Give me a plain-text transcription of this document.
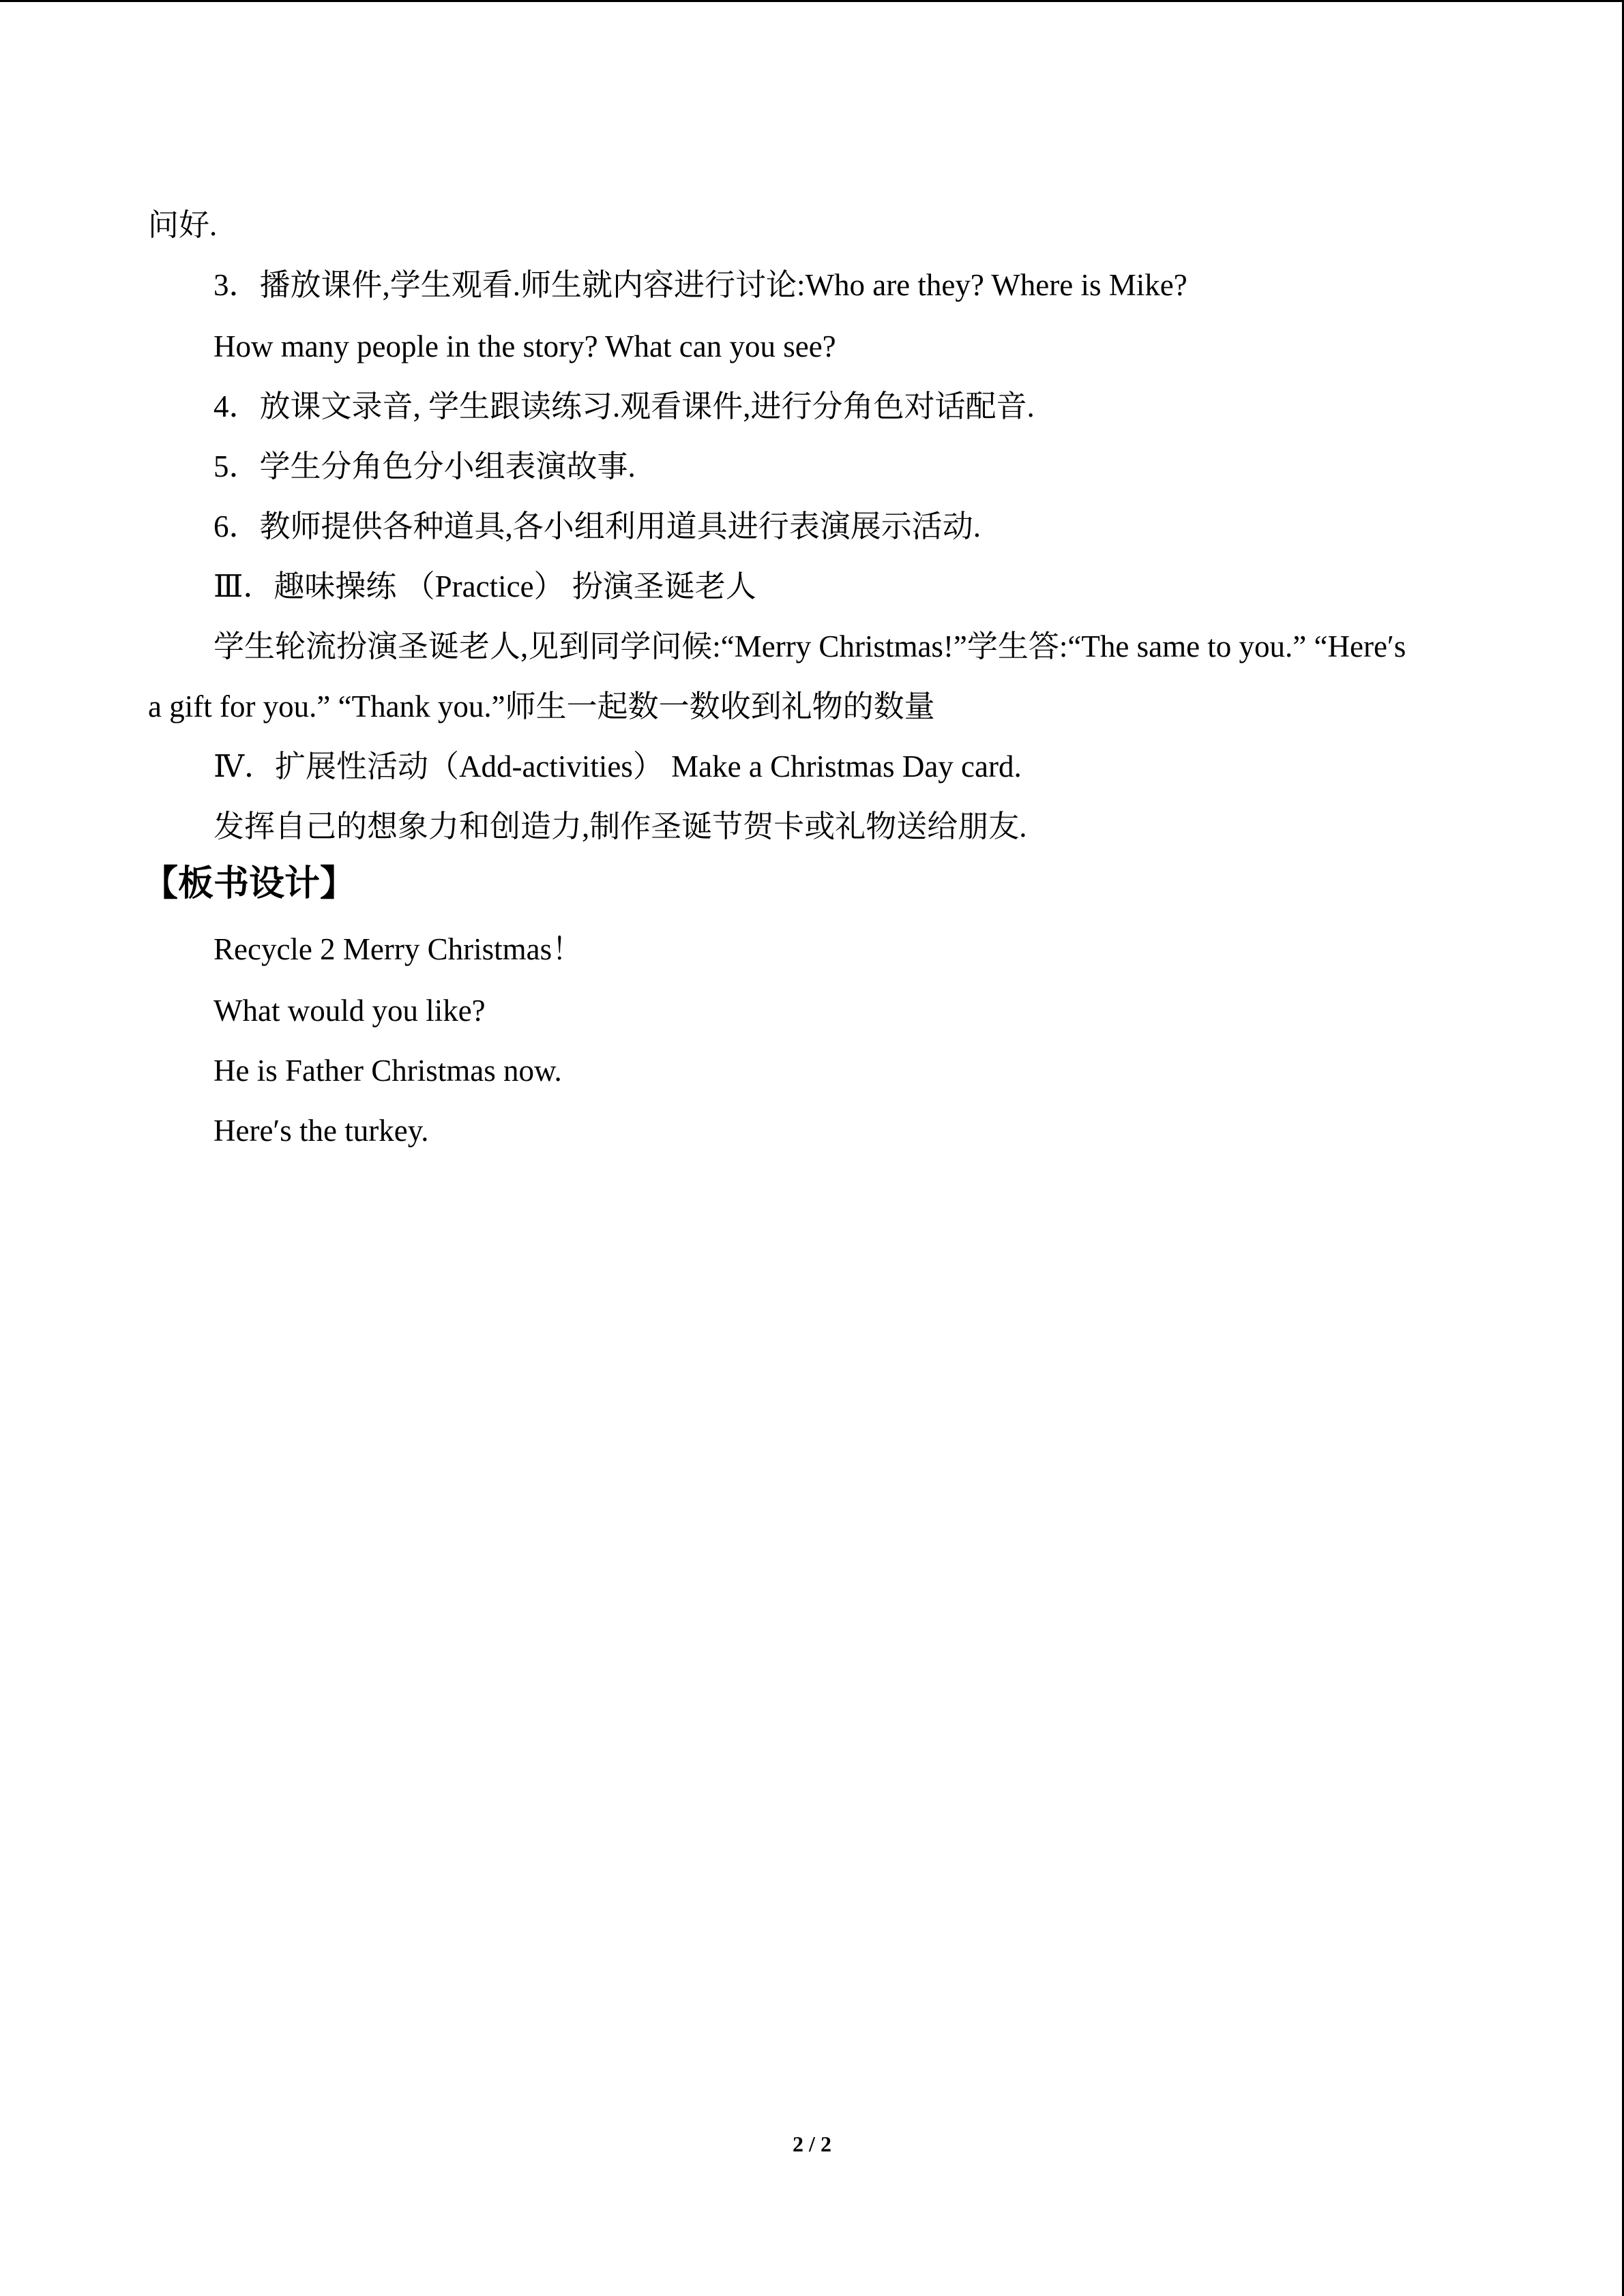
问好.
3．播放课件,学生观看.师生就内容进行讨论:Who are they? Where is Mike?
How many people in the story? What can you see?
4．放课文录音, 学生跟读练习.观看课件,进行分角色对话配音.
5．学生分角色分小组表演故事.
6．教师提供各种道具,各小组利用道具进行表演展示活动.
Ⅲ．趣味操练 （Practice） 扮演圣诞老人
学生轮流扮演圣诞老人,见到同学问候:“Merry Christmas!”学生答:“The same to you.” “Here′s
a gift for you.” “Thank you.”师生一起数一数收到礼物的数量
Ⅳ．扩展性活动（Add-activities） Make a Christmas Day card.
发挥自己的想象力和创造力,制作圣诞节贺卡或礼物送给朋友.
【板书设计】
Recycle 2 Merry Christmas！
What would you like?
He is Father Christmas now.
Here′s the turkey.
2 / 2
